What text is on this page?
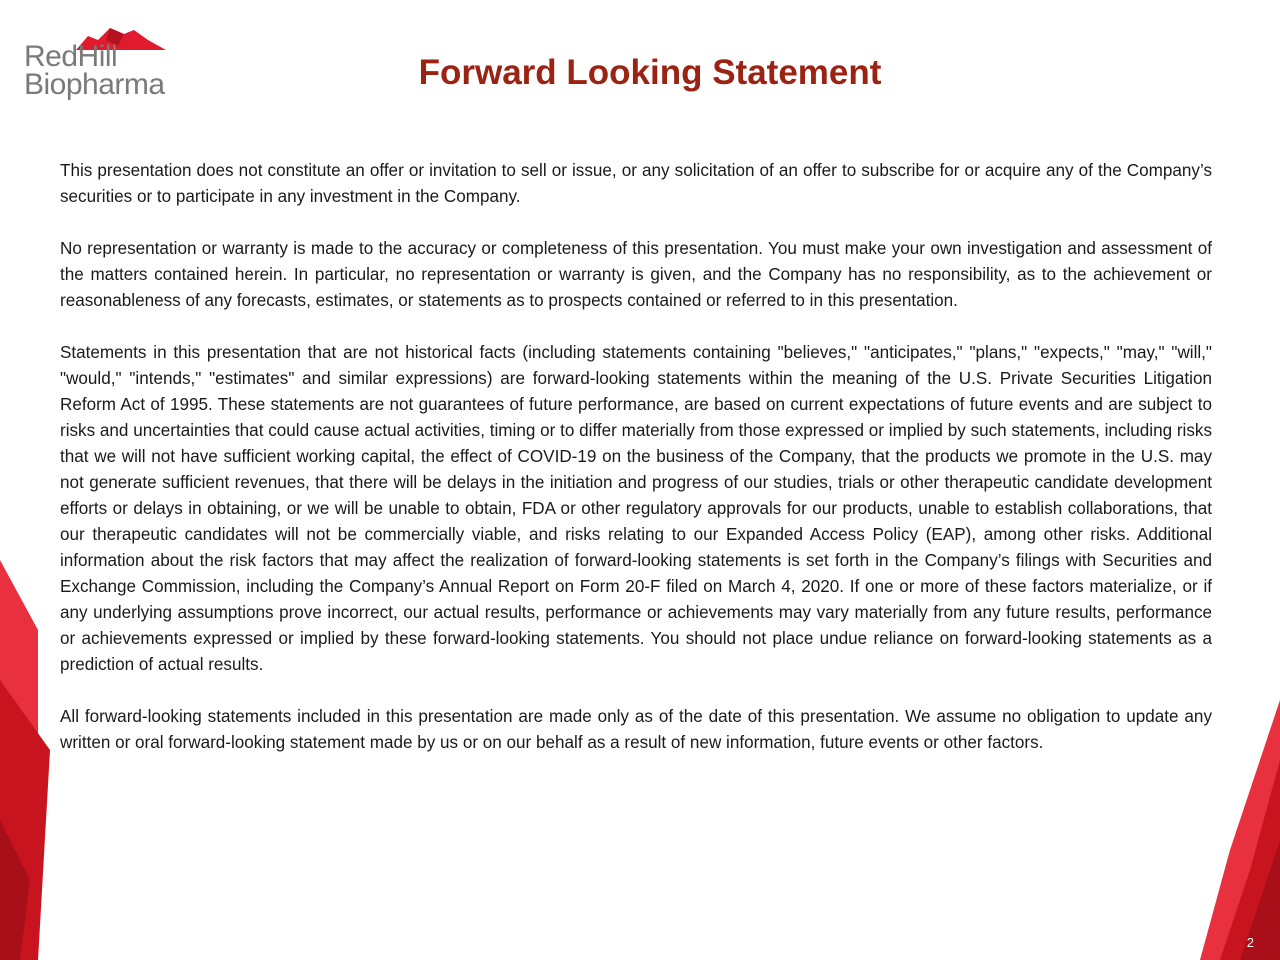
RedHill
Biopharma	Forward Looking Statement

This presentation does not constitute an offer or invitation to sell or issue, or any solicitation of an offer to subscribe for or acquire any of the Company’s securities or to participate in any investment in the Company.

No representation or warranty is made to the accuracy or completeness of this presentation. You must make your own investigation and assessment of the matters contained herein. In particular, no representation or warranty is given, and the Company has no responsibility, as to the achievement or reasonableness of any forecasts, estimates, or statements as to prospects contained or referred to in this presentation.

Statements in this presentation that are not historical facts (including statements containing "believes," "anticipates," "plans," "expects," "may," "will," "would," "intends," "estimates" and similar expressions) are forward-looking statements within the meaning of the U.S. Private Securities Litigation Reform Act of 1995. These statements are not guarantees of future performance, are based on current expectations of future events and are subject to risks and uncertainties that could cause actual activities, timing or to differ materially from those expressed or implied by such statements, including risks that we will not have sufficient working capital, the effect of COVID-19 on the business of the Company, that the products we promote in the U.S. may not generate sufficient revenues, that there will be delays in the initiation and progress of our studies, trials or other therapeutic candidate development efforts or delays in obtaining, or we will be unable to obtain, FDA or other regulatory approvals for our products, unable to establish collaborations, that our therapeutic candidates will not be commercially viable, and risks relating to our Expanded Access Policy (EAP), among other risks. Additional information about the risk factors that may affect the realization of forward-looking statements is set forth in the Company’s filings with Securities and Exchange Commission, including the Company’s Annual Report on Form 20-F filed on March 4, 2020. If one or more of these factors materialize, or if any underlying assumptions prove incorrect, our actual results, performance or achievements may vary materially from any future results, performance or achievements expressed or implied by these forward-looking statements. You should not place undue reliance on forward-looking statements as a prediction of actual results.

All forward-looking statements included in this presentation are made only as of the date of this presentation. We assume no obligation to update any written or oral forward-looking statement made by us or on our behalf as a result of new information, future events or other factors.

2
